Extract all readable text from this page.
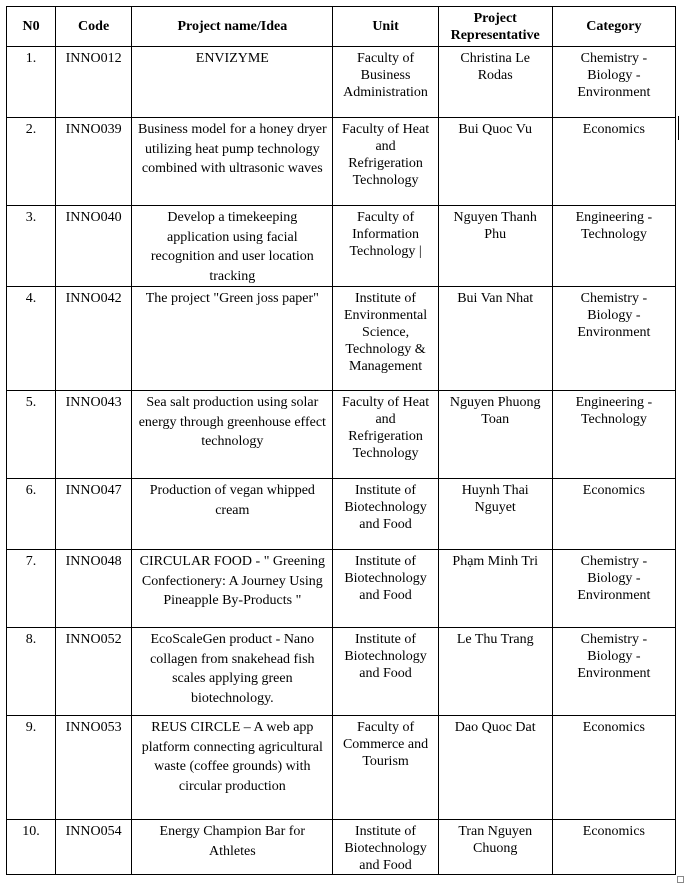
N0	Code	Project name/Idea	Unit	Project Representative	Category
1.	INNO012	ENVIZYME	Faculty of Business Administration	Christina Le Rodas	Chemistry - Biology - Environment
2.	INNO039	Business model for a honey dryer utilizing heat pump technology combined with ultrasonic waves	Faculty of Heat and Refrigeration Technology	Bui Quoc Vu	Economics
3.	INNO040	Develop a timekeeping application using facial recognition and user location tracking	Faculty of Information Technology |	Nguyen Thanh Phu	Engineering - Technology
4.	INNO042	The project "Green joss paper"	Institute of Environmental Science, Technology & Management	Bui Van Nhat	Chemistry - Biology - Environment
5.	INNO043	Sea salt production using solar energy through greenhouse effect technology	Faculty of Heat and Refrigeration Technology	Nguyen Phuong Toan	Engineering - Technology
6.	INNO047	Production of vegan whipped cream	Institute of Biotechnology and Food	Huynh Thai Nguyet	Economics
7.	INNO048	CIRCULAR FOOD - " Greening Confectionery: A Journey Using Pineapple By-Products "	Institute of Biotechnology and Food	Phạm Minh Tri	Chemistry - Biology - Environment
8.	INNO052	EcoScaleGen product - Nano collagen from snakehead fish scales applying green biotechnology.	Institute of Biotechnology and Food	Le Thu Trang	Chemistry - Biology - Environment
9.	INNO053	REUS CIRCLE – A web app platform connecting agricultural waste (coffee grounds) with circular production	Faculty of Commerce and Tourism	Dao Quoc Dat	Economics
10.	INNO054	Energy Champion Bar for Athletes	Institute of Biotechnology and Food	Tran Nguyen Chuong	Economics
